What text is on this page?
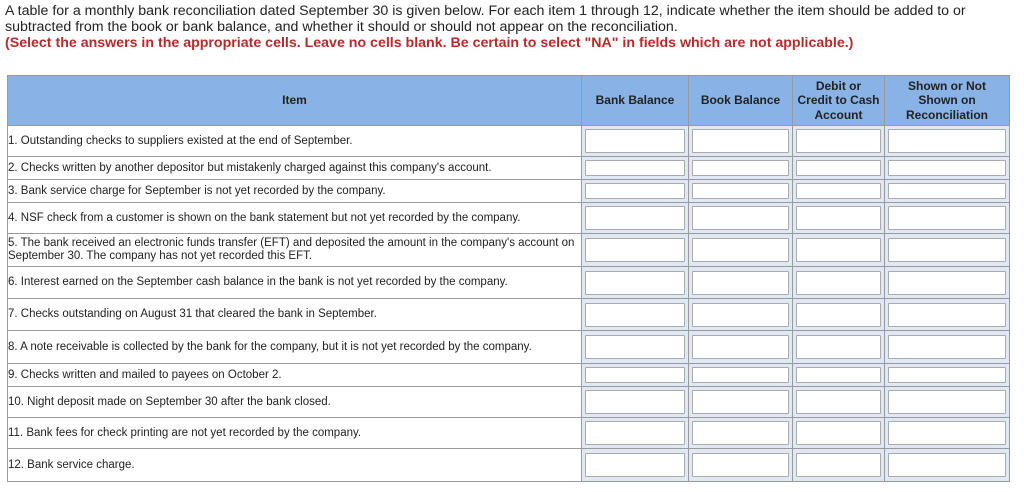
A table for a monthly bank reconciliation dated September 30 is given below. For each item 1 through 12, indicate whether the item should be added to or subtracted from the book or bank balance, and whether it should or should not appear on the reconciliation.
(Select the answers in the appropriate cells. Leave no cells blank. Be certain to select "NA" in fields which are not applicable.)
Item	Bank Balance	Book Balance	Debit or
Credit to Cash
Account	Shown or Not
Shown on
Reconciliation
1. Outstanding checks to suppliers existed at the end of September.	

2. Checks written by another depositor but mistakenly charged against this company's account.	

3. Bank service charge for September is not yet recorded by the company.	

4. NSF check from a customer is shown on the bank statement but not yet recorded by the company.	

5. The bank received an electronic funds transfer (EFT) and deposited the amount in the company's account on September 30. The company has not yet recorded this EFT.	

6. Interest earned on the September cash balance in the bank is not yet recorded by the company.	

7. Checks outstanding on August 31 that cleared the bank in September.	

8. A note receivable is collected by the bank for the company, but it is not yet recorded by the company.	

9. Checks written and mailed to payees on October 2.	

10. Night deposit made on September 30 after the bank closed.	

11. Bank fees for check printing are not yet recorded by the company.	

12. Bank service charge.	
